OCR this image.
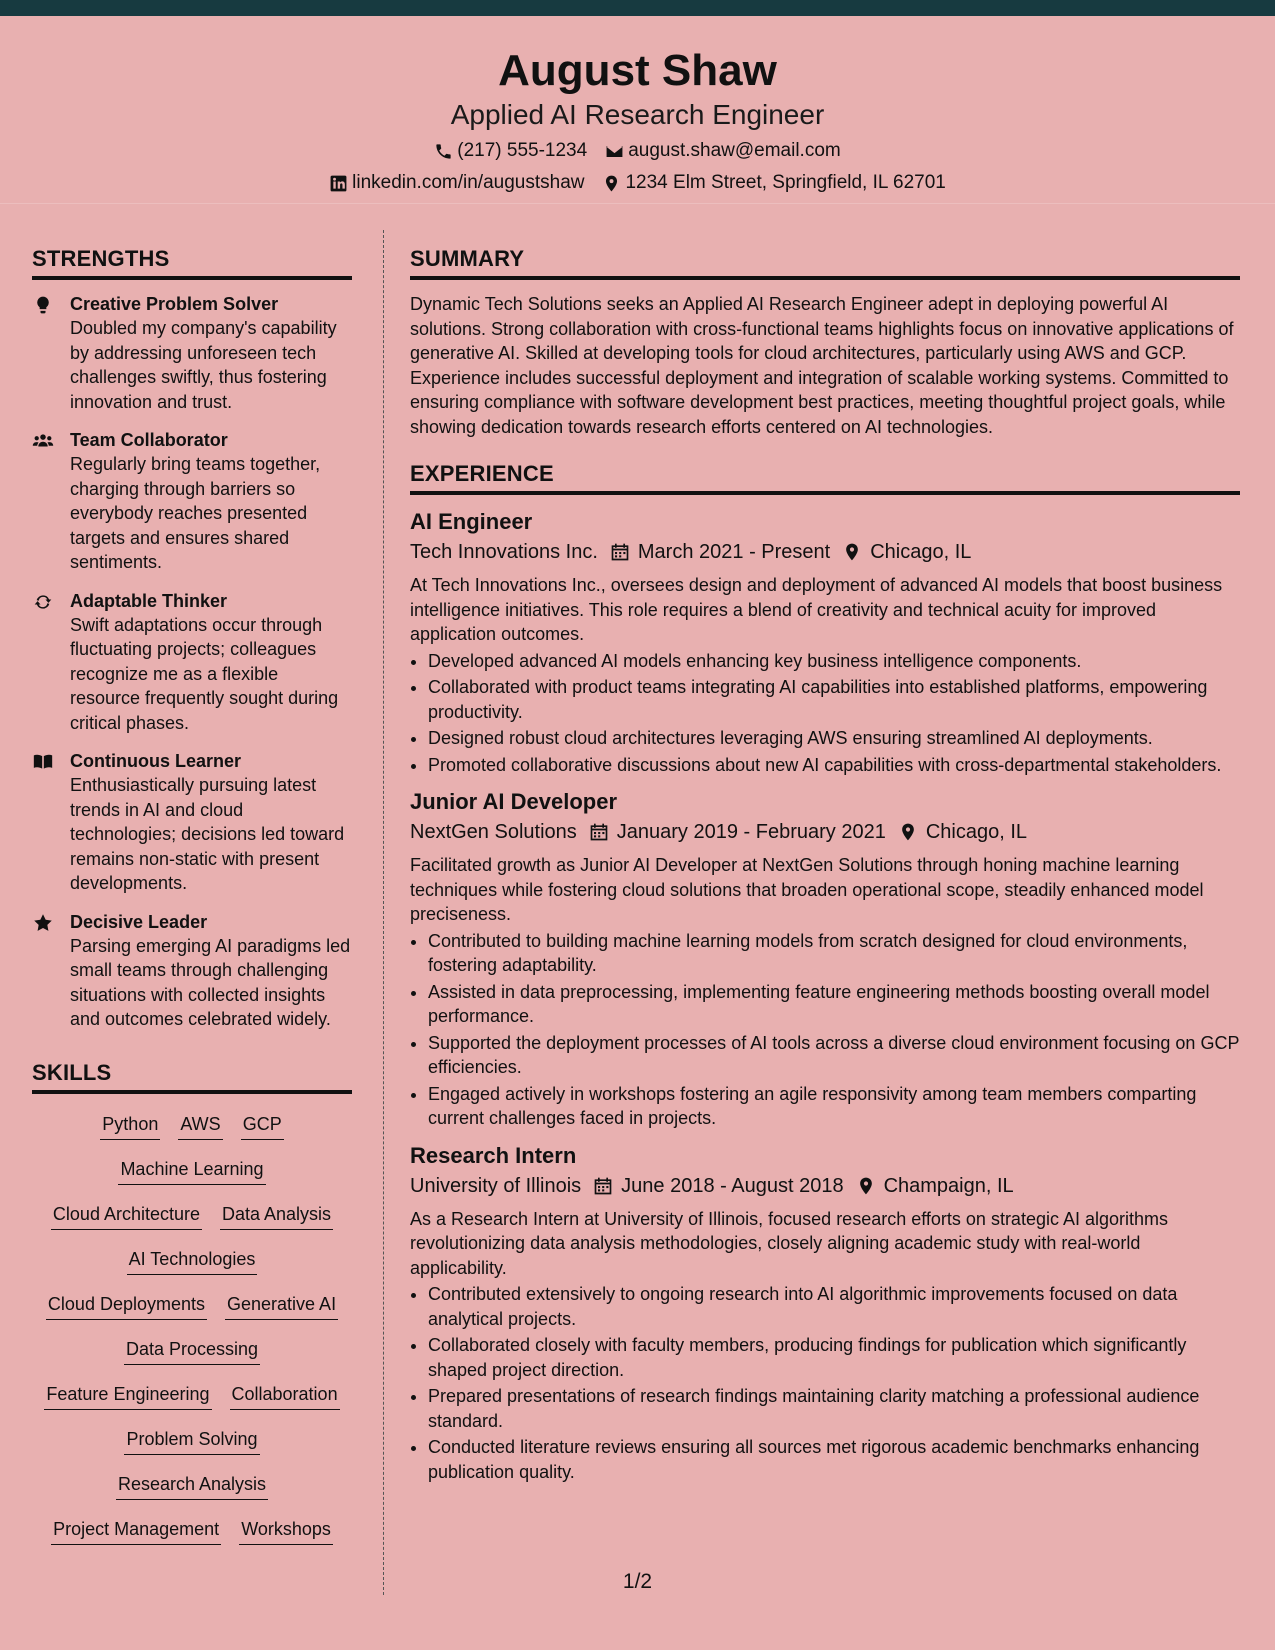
August Shaw
Applied AI Research Engineer
(217) 555-1234 august.shaw@email.com
linkedin.com/in/augustshaw 1234 Elm Street, Springfield, IL 62701
STRENGTHS
Creative Problem Solver
Doubled my company's capability by addressing unforeseen tech challenges swiftly, thus fostering innovation and trust.
Team Collaborator
Regularly bring teams together, charging through barriers so everybody reaches presented targets and ensures shared sentiments.
Adaptable Thinker
Swift adaptations occur through fluctuating projects; colleagues recognize me as a flexible resource frequently sought during critical phases.
Continuous Learner
Enthusiastically pursuing latest trends in AI and cloud technologies; decisions led toward remains non-static with present developments.
Decisive Leader
Parsing emerging AI paradigms led small teams through challenging situations with collected insights and outcomes celebrated widely.
SKILLS
Python AWS GCP
Machine Learning
Cloud Architecture Data Analysis
AI Technologies
Cloud Deployments Generative AI
Data Processing
Feature Engineering Collaboration
Problem Solving
Research Analysis
Project Management Workshops
SUMMARY
Dynamic Tech Solutions seeks an Applied AI Research Engineer adept in deploying powerful AI solutions. Strong collaboration with cross-functional teams highlights focus on innovative applications of generative AI. Skilled at developing tools for cloud architectures, particularly using AWS and GCP. Experience includes successful deployment and integration of scalable working systems. Committed to ensuring compliance with software development best practices, meeting thoughtful project goals, while showing dedication towards research efforts centered on AI technologies.
EXPERIENCE
AI Engineer
Tech Innovations Inc. March 2021 - Present Chicago, IL
At Tech Innovations Inc., oversees design and deployment of advanced AI models that boost business intelligence initiatives. This role requires a blend of creativity and technical acuity for improved application outcomes.
• Developed advanced AI models enhancing key business intelligence components.
• Collaborated with product teams integrating AI capabilities into established platforms, empowering productivity.
• Designed robust cloud architectures leveraging AWS ensuring streamlined AI deployments.
• Promoted collaborative discussions about new AI capabilities with cross-departmental stakeholders.
Junior AI Developer
NextGen Solutions January 2019 - February 2021 Chicago, IL
Facilitated growth as Junior AI Developer at NextGen Solutions through honing machine learning techniques while fostering cloud solutions that broaden operational scope, steadily enhanced model preciseness.
• Contributed to building machine learning models from scratch designed for cloud environments, fostering adaptability.
• Assisted in data preprocessing, implementing feature engineering methods boosting overall model performance.
• Supported the deployment processes of AI tools across a diverse cloud environment focusing on GCP efficiencies.
• Engaged actively in workshops fostering an agile responsivity among team members comparting current challenges faced in projects.
Research Intern
University of Illinois June 2018 - August 2018 Champaign, IL
As a Research Intern at University of Illinois, focused research efforts on strategic AI algorithms revolutionizing data analysis methodologies, closely aligning academic study with real-world applicability.
• Contributed extensively to ongoing research into AI algorithmic improvements focused on data analytical projects.
• Collaborated closely with faculty members, producing findings for publication which significantly shaped project direction.
• Prepared presentations of research findings maintaining clarity matching a professional audience standard.
• Conducted literature reviews ensuring all sources met rigorous academic benchmarks enhancing publication quality.
1/2
